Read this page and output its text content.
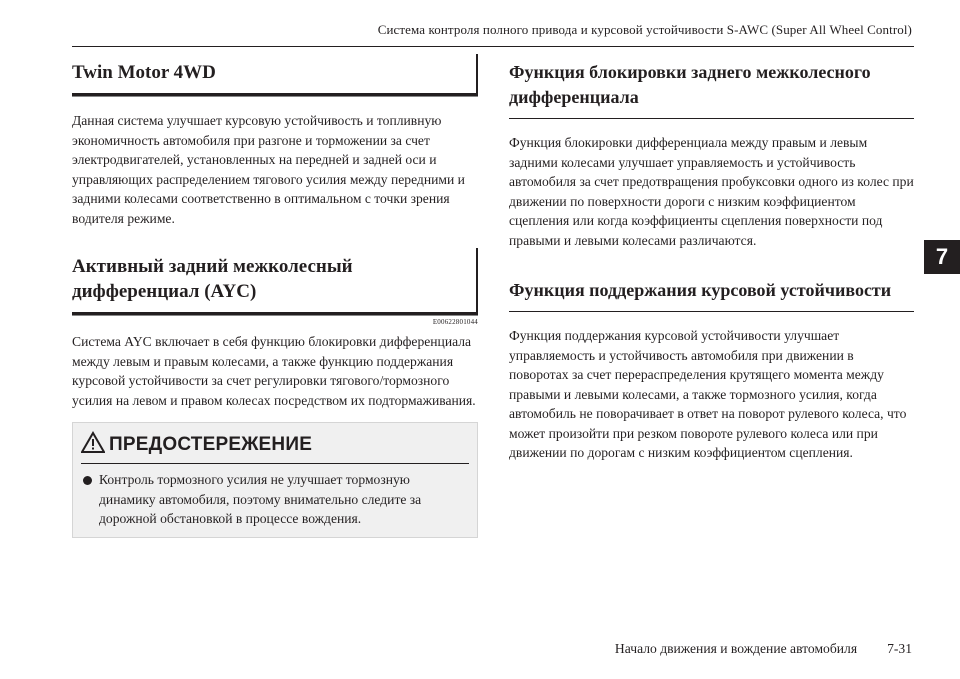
Система контроля полного привода и курсовой устойчивости S-AWC (Super All Wheel Control)
Twin Motor 4WD

Данная система улучшает курсовую устойчивость и топливную экономичность автомобиля при разгоне и торможении за счет электродвигателей, установленных на передней и задней оси и управляющих распределением тягового усилия между передними и задними колесами соответственно в оптимальном с точки зрения водителя режиме.

Активный задний межколесный
дифференциал (AYC)
E00622801044

Система AYC включает в себя функцию блокировки дифференциала между левым и правым колесами, а также функцию поддержания курсовой устойчивости за счет регулировки тягового/тормозного усилия на левом и правом колесах посредством их подтормаживания.

ПРЕДОСТЕРЕЖЕНИЕ
Контроль тормозного усилия не улучшает тормозную динамику автомобиля, поэтому внимательно следите за дорожной обстановкой в процессе вождения.
Функция блокировки заднего межколесного
дифференциала

Функция блокировки дифференциала между правым и левым задними колесами улучшает управляемость и устойчивость автомобиля за счет предотвращения пробуксовки одного из колес при движении по поверхности дороги с низким коэффициентом сцепления или когда коэффициенты сцепления поверхности под правыми и левыми колесами различаются.

Функция поддержания курсовой устойчивости

Функция поддержания курсовой устойчивости улучшает управляемость и устойчивость автомобиля при движении в поворотах за счет перераспределения крутящего момента между правыми и левыми колесами, а также тормозного усилия, когда автомобиль не поворачивает в ответ на поворот рулевого колеса, что может произойти при резком повороте рулевого колеса или при движении по дорогам с низким коэффициентом сцепления.

7
Начало движения и вождение автомобиля 7-31
